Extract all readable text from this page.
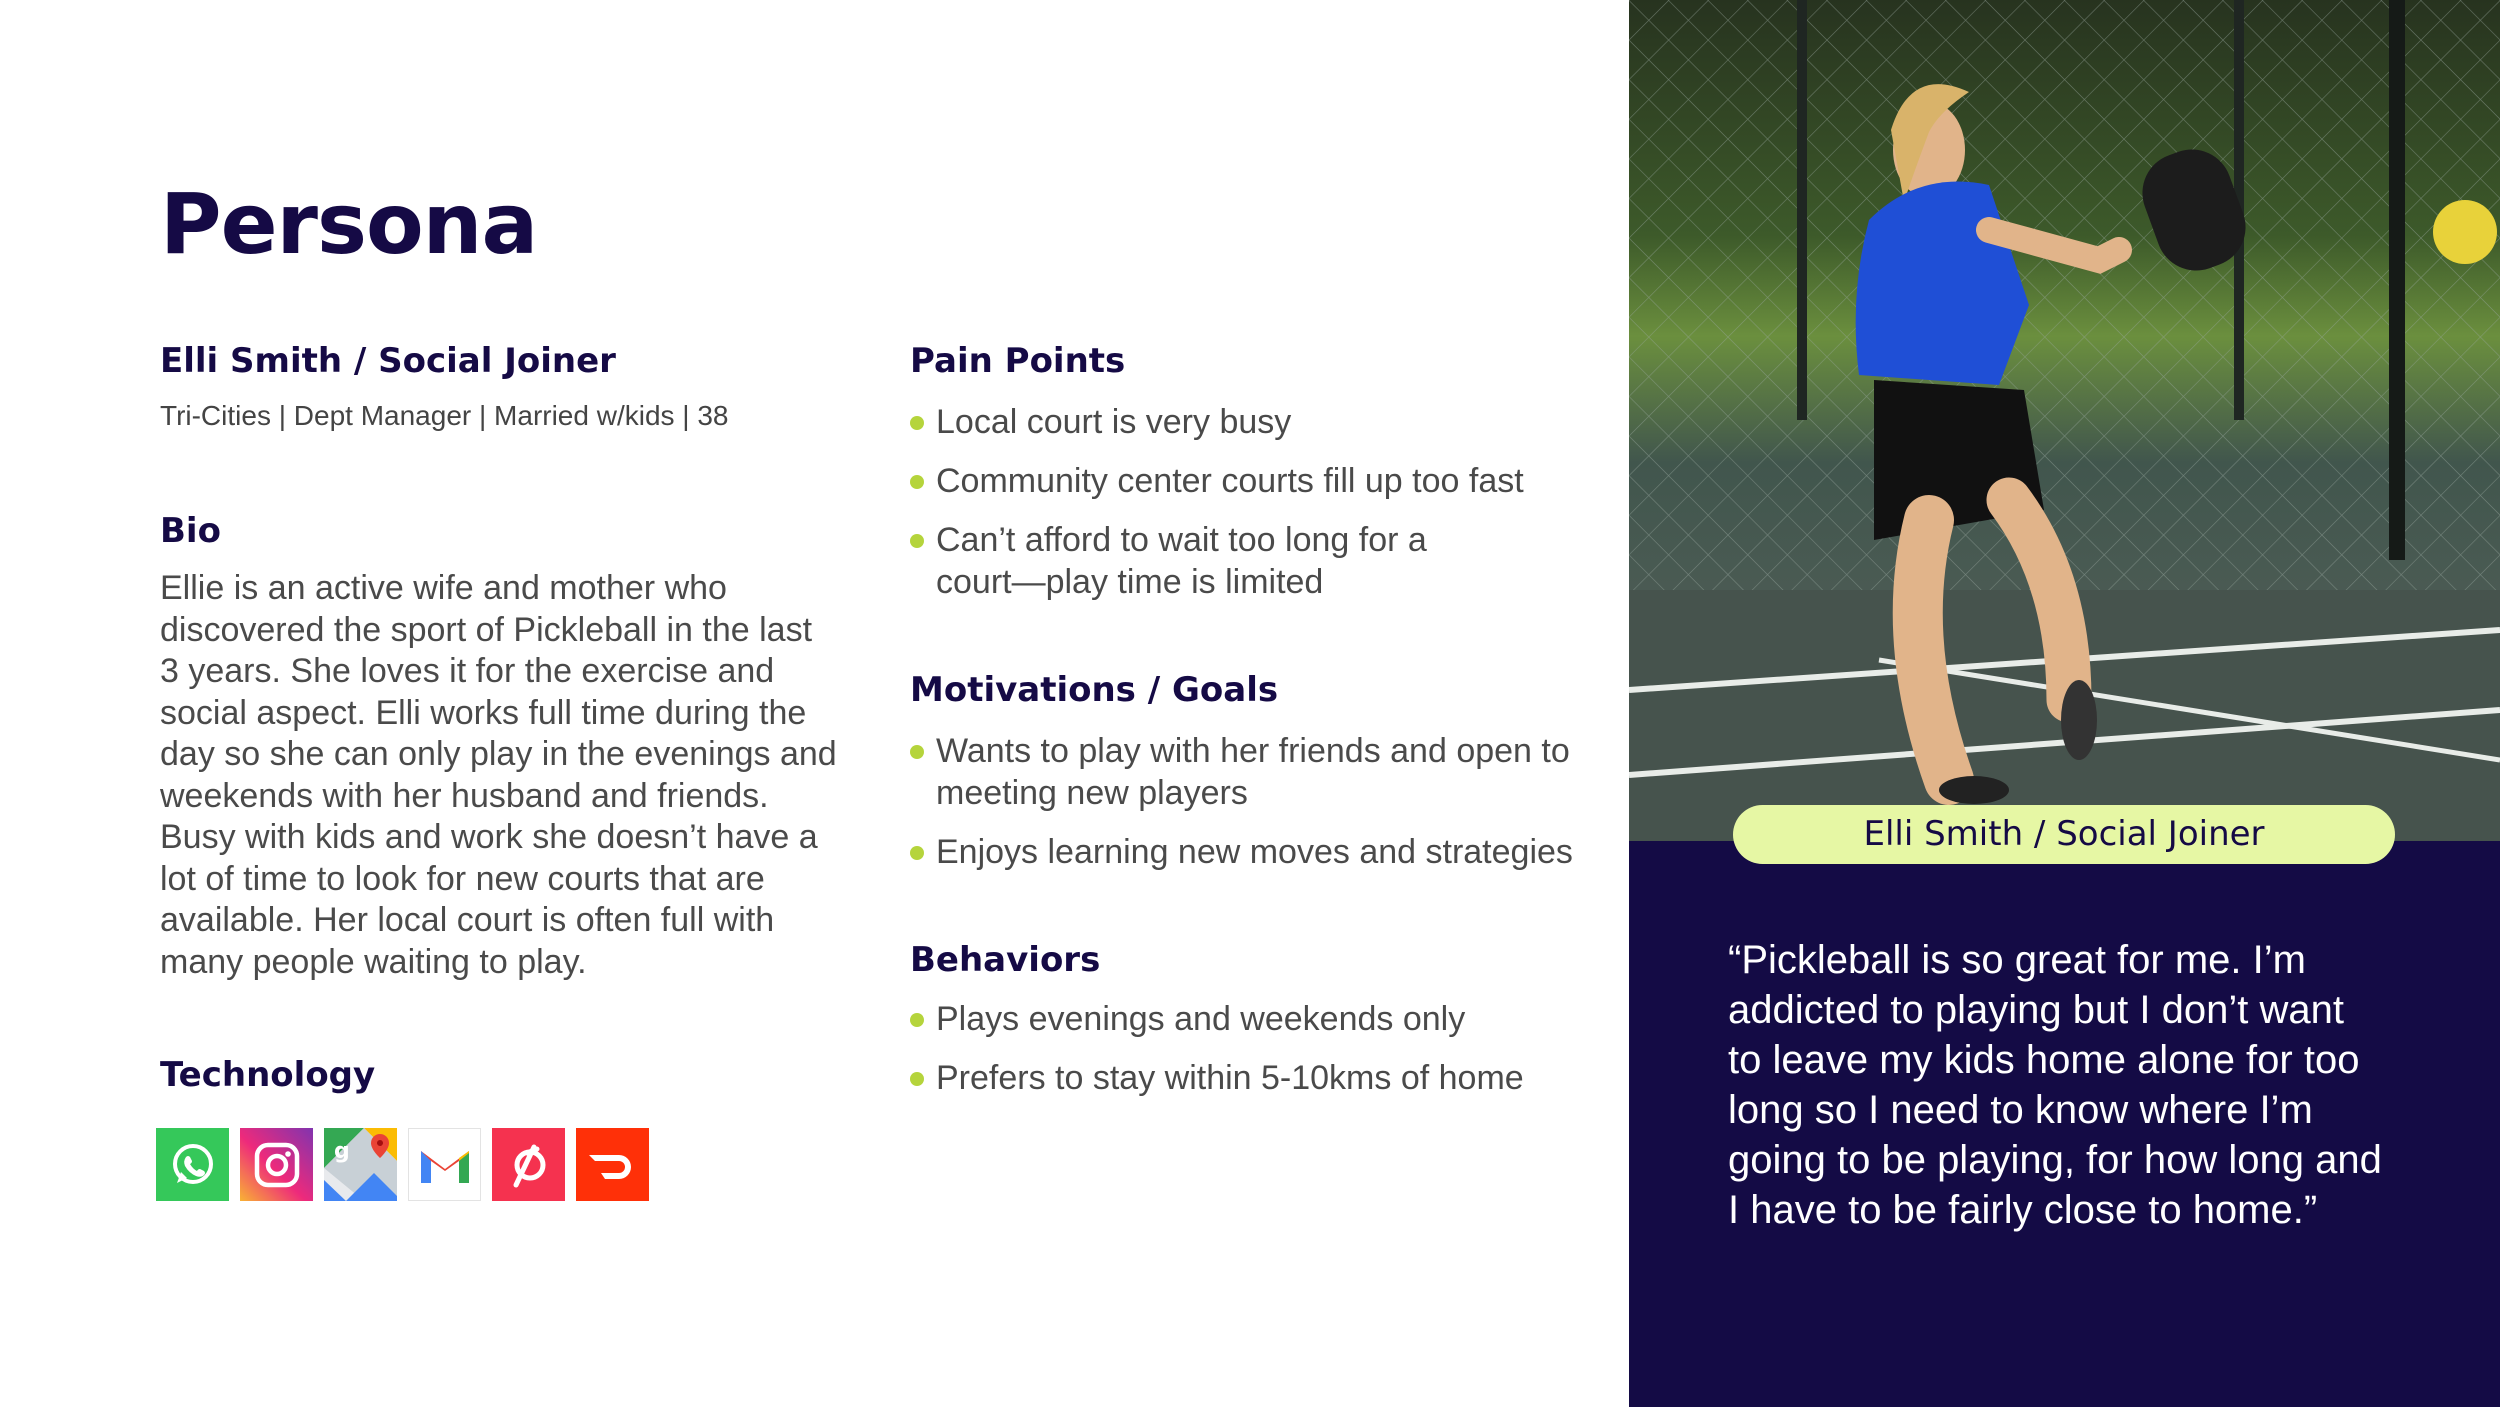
Persona
Elli Smith / Social Joiner
Tri-Cities | Dept Manager | Married w/kids | 38
Bio

Ellie is an active wife and mother who discovered the sport of Pickleball in the last 3 years. She loves it for the exercise and social aspect. Elli works full time during the day so she can only play in the evenings and weekends with her husband and friends. Busy with kids and work she doesn’t have a lot of time to look for new courts that are available. Her local court is often full with many people waiting to play.

Technology
g
Pain Points
Local court is very busy
Community center courts fill up too fast
Can’t afford to wait too long for a court—play time is limited
Motivations / Goals
Wants to play with her friends and open to meeting new players
Enjoys learning new moves and strategies
Behaviors
Plays evenings and weekends only
Prefers to stay within 5-10kms of home
Elli Smith / Social Joiner

“Pickleball is so great for me. I’m
addicted to playing but I don’t want
to leave my kids home alone for too
long so I need to know where I’m
going to be playing, for how long and
I have to be fairly close to home.”
